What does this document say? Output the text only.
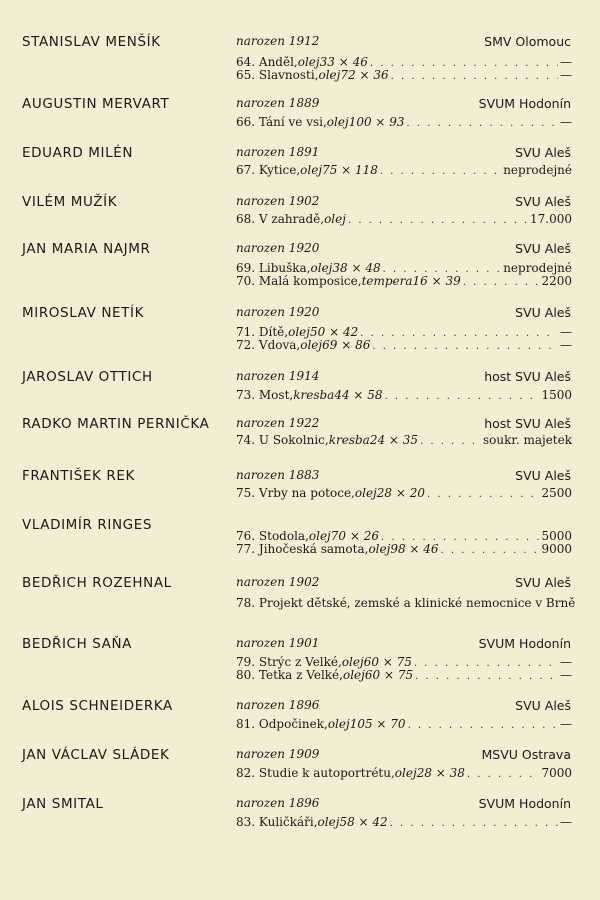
STANISLAV MENŠÍK	narozen 1912	SMV Olomouc
64. Anděl, olej 33 × 46 . . .	—
65. Slavnosti, olej 72 × 36 . . .	—
AUGUSTIN MERVART	narozen 1889	SVUM Hodonín
66. Tání ve vsi, olej 100 × 93 . . .	—
EDUARD MILÉN	narozen 1891	SVU Aleš
67. Kytice, olej 75 × 118 . . .	neprodejné
VILÉM MUŽÍK	narozen 1902	SVU Aleš
68. V zahradě, olej . . .	17.000
JAN MARIA NAJMR	narozen 1920	SVU Aleš
69. Libuška, olej 38 × 48 . . .	neprodejné
70. Malá komposice, tempera 16 × 39 . . .	2200
MIROSLAV NETÍK	narozen 1920	SVU Aleš
71. Dítě, olej 50 × 42 . . .	—
72. Vdova, olej 69 × 86 . . .	—
JAROSLAV OTTICH	narozen 1914	host SVU Aleš
73. Most, kresba 44 × 58 . . .	1500
RADKO MARTIN PERNIČKA narozen 1922	host SVU Aleš
74. U Sokolnic, kresba 24 × 35 . . .	soukr. majetek
FRANTIŠEK REK	narozen 1883	SVU Aleš
75. Vrby na potoce, olej 28 × 20 . . .	2500
VLADIMÍR RINGES
76. Stodola, olej 70 × 26 . . .	5000
77. Jihočeská samota, olej 98 × 46 . . .	9000
BEDŘICH ROZEHNAL	narozen 1902	SVU Aleš
78. Projekt dětské, zemské a klinické nemocnice v Brně
BEDŘICH SAŇA	narozen 1901	SVUM Hodonín
79. Strýc z Velké, olej 60 × 75 . . .	—
80. Tetka z Velké, olej 60 × 75 . . .	—
ALOIS SCHNEIDERKA	narozen 1896	SVU Aleš
81. Odpočinek, olej 105 × 70 . . .	—
JAN VÁCLAV SLÁDEK	narozen 1909	MSVU Ostrava
82. Studie k autoportrétu, olej 28 × 38 . . .	7000
JAN SMITAL	narozen 1896	SVUM Hodonín
83. Kuličkáři, olej 58 × 42 . . .	—
